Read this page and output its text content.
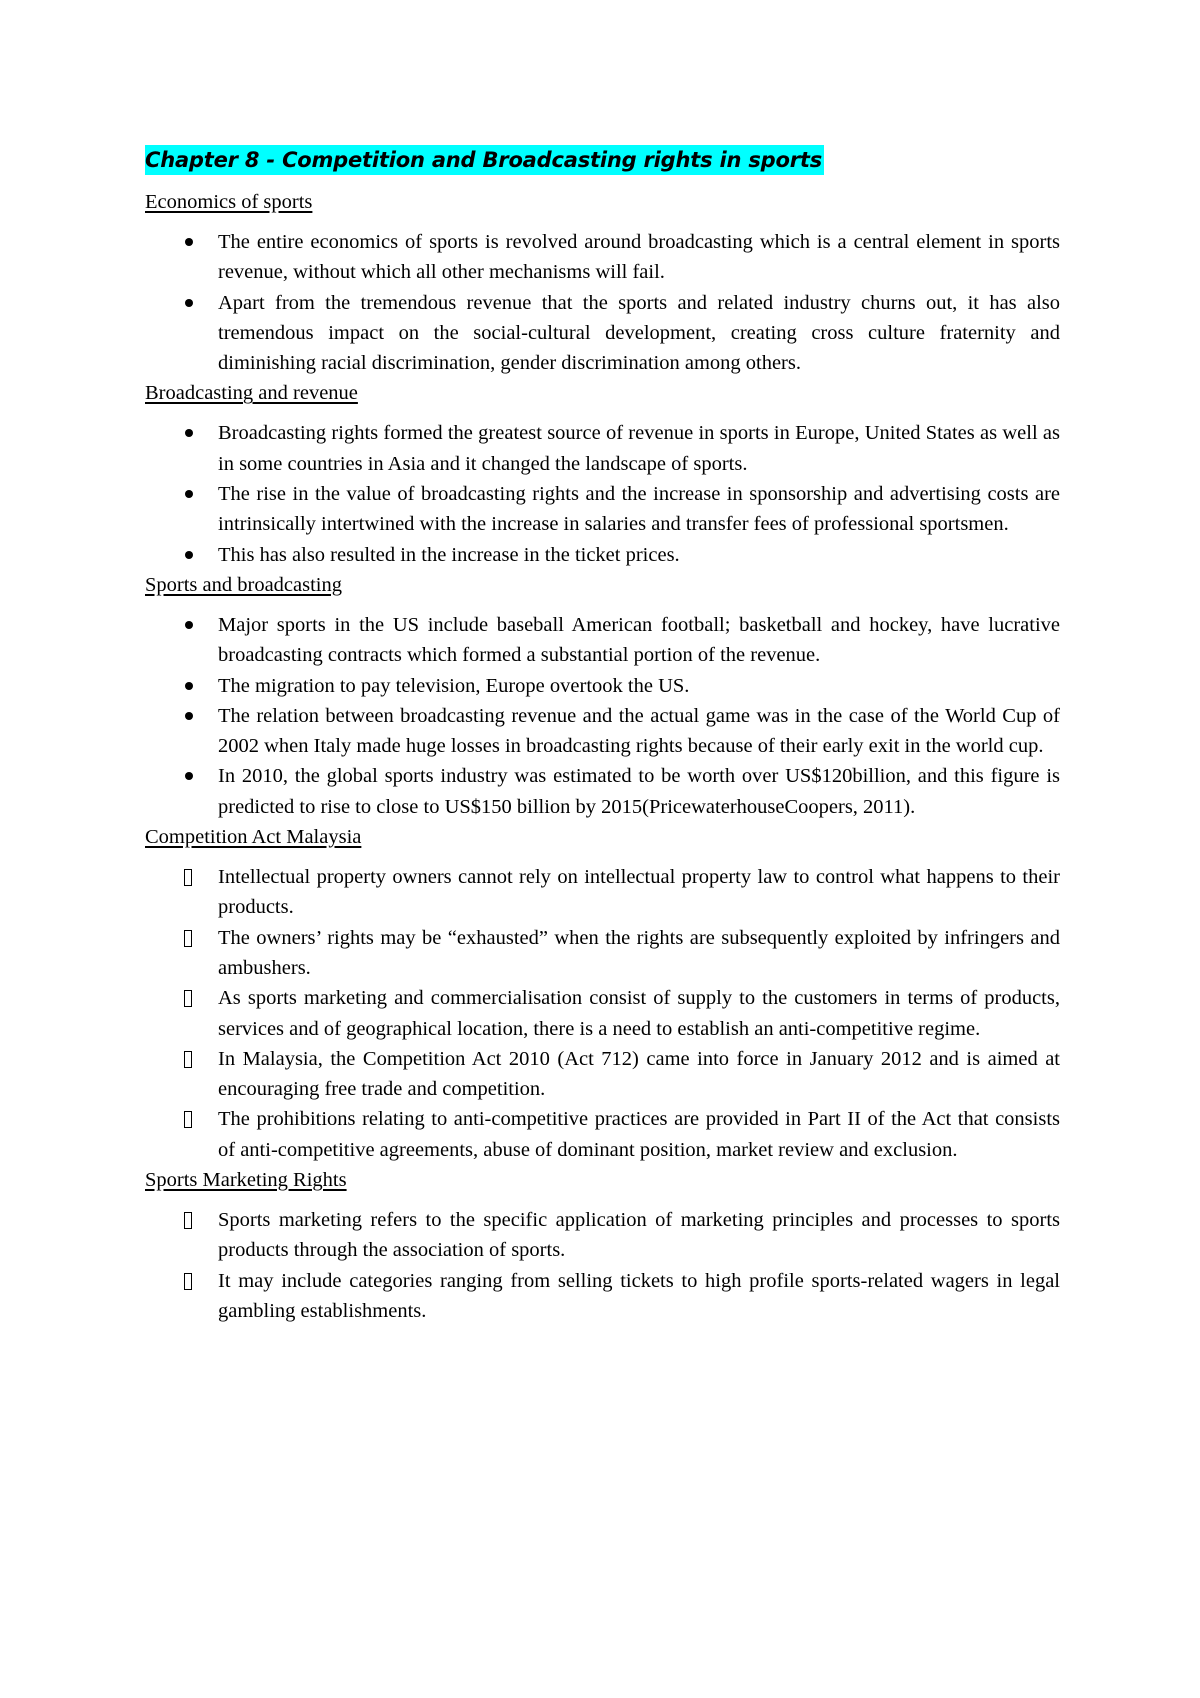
Chapter 8 - Competition and Broadcasting rights in sports
Economics of sports
The entire economics of sports is revolved around broadcasting which is a central element in sports revenue, without which all other mechanisms will fail.
Apart from the tremendous revenue that the sports and related industry churns out, it has also tremendous impact on the social-cultural development, creating cross culture fraternity and diminishing racial discrimination, gender discrimination among others.
Broadcasting and revenue
Broadcasting rights formed the greatest source of revenue in sports in Europe, United States as well as in some countries in Asia and it changed the landscape of sports.
The rise in the value of broadcasting rights and the increase in sponsorship and advertising costs are intrinsically intertwined with the increase in salaries and transfer fees of professional sportsmen.
This has also resulted in the increase in the ticket prices.
Sports and broadcasting
Major sports in the US include baseball American football; basketball and hockey, have lucrative broadcasting contracts which formed a substantial portion of the revenue.
The migration to pay television, Europe overtook the US.
The relation between broadcasting revenue and the actual game was in the case of the World Cup of 2002 when Italy made huge losses in broadcasting rights because of their early exit in the world cup.
In 2010, the global sports industry was estimated to be worth over US$120billion, and this figure is predicted to rise to close to US$150 billion by 2015(PricewaterhouseCoopers, 2011).
Competition Act Malaysia
Intellectual property owners cannot rely on intellectual property law to control what happens to their products.
The owners’ rights may be “exhausted” when the rights are subsequently exploited by infringers and ambushers.
As sports marketing and commercialisation consist of supply to the customers in terms of products, services and of geographical location, there is a need to establish an anti-competitive regime.
In Malaysia, the Competition Act 2010 (Act 712) came into force in January 2012 and is aimed at encouraging free trade and competition.
The prohibitions relating to anti-competitive practices are provided in Part II of the Act that consists of anti-competitive agreements, abuse of dominant position, market review and exclusion.
Sports Marketing Rights
Sports marketing refers to the specific application of marketing principles and processes to sports products through the association of sports.
It may include categories ranging from selling tickets to high profile sports-related wagers in legal gambling establishments.
